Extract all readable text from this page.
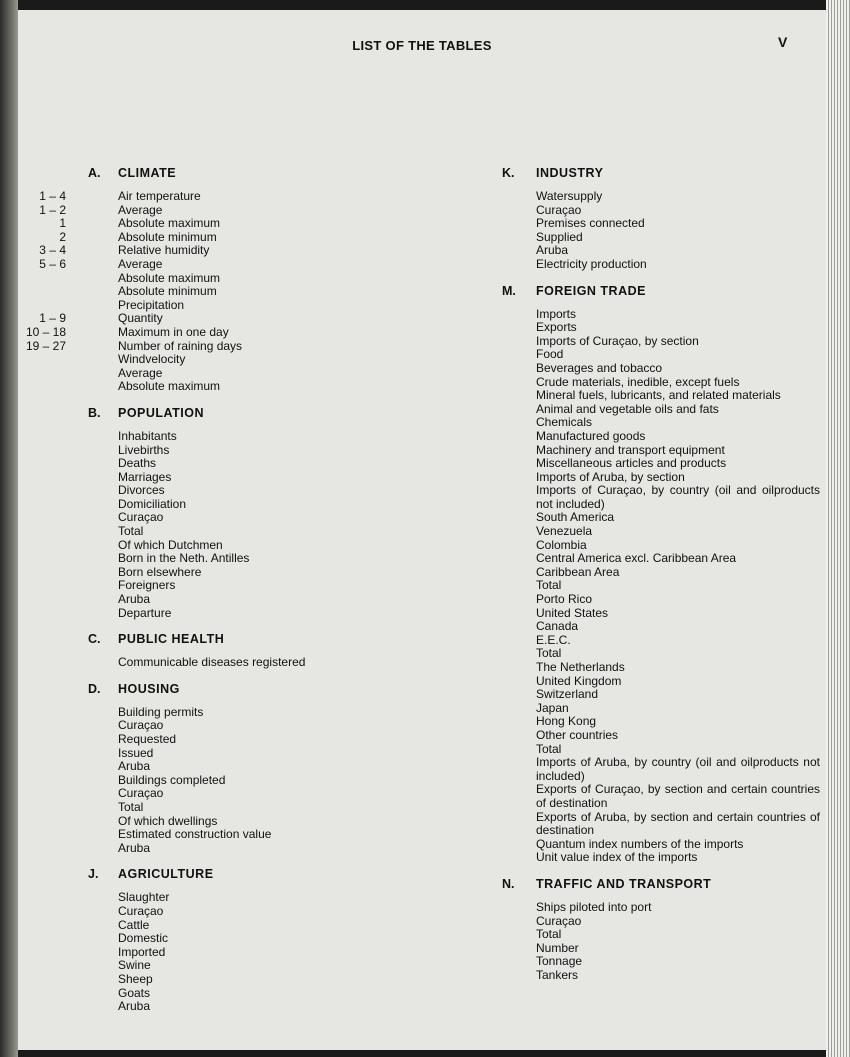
LIST OF THE TABLES	V
A. CLIMATE
1 – 4	Air temperature
1 – 2	Average
1	Absolute maximum
2	Absolute minimum
3 – 4	Relative humidity
5 – 6	Average
Absolute maximum
Absolute minimum
Precipitation
1 – 9	Quantity
10 – 18	Maximum in one day
19 – 27	Number of raining days
Windvelocity
Average
Absolute maximum
B. POPULATION
Inhabitants
Livebirths
Deaths
Marriages
Divorces
Domiciliation
Curaçao
Total
Of which Dutchmen
Born in the Neth. Antilles
Born elsewhere
Foreigners
Aruba
Departure
C. PUBLIC HEALTH
Communicable diseases registered
D. HOUSING
Building permits
Curaçao
Requested
Issued
Aruba
Buildings completed
Curaçao
Total
Of which dwellings
Estimated construction value
Aruba
J. AGRICULTURE
Slaughter
Curaçao
Cattle
Domestic
Imported
Swine
Sheep
Goats
Aruba
K. INDUSTRY
Watersupply
Curaçao
Premises connected
Supplied
Aruba
Electricity production
M. FOREIGN TRADE
Imports
Exports
Imports of Curaçao, by section
Food
Beverages and tobacco
Crude materials, inedible, except fuels
Mineral fuels, lubricants, and related materials
Animal and vegetable oils and fats
Chemicals
Manufactured goods
Machinery and transport equipment
Miscellaneous articles and products
Imports of Aruba, by section
Imports of Curaçao, by country (oil and oilproducts not included)
South America
Venezuela
Colombia
Central America excl. Caribbean Area
Caribbean Area
Total
Porto Rico
United States
Canada
E.E.C.
Total
The Netherlands
United Kingdom
Switzerland
Japan
Hong Kong
Other countries
Total
Imports of Aruba, by country (oil and oilproducts not included)
Exports of Curaçao, by section and certain countries of destination
Exports of Aruba, by section and certain countries of destination
Quantum index numbers of the imports
Unit value index of the imports
N. TRAFFIC AND TRANSPORT
Ships piloted into port
Curaçao
Total
Number
Tonnage
Tankers
